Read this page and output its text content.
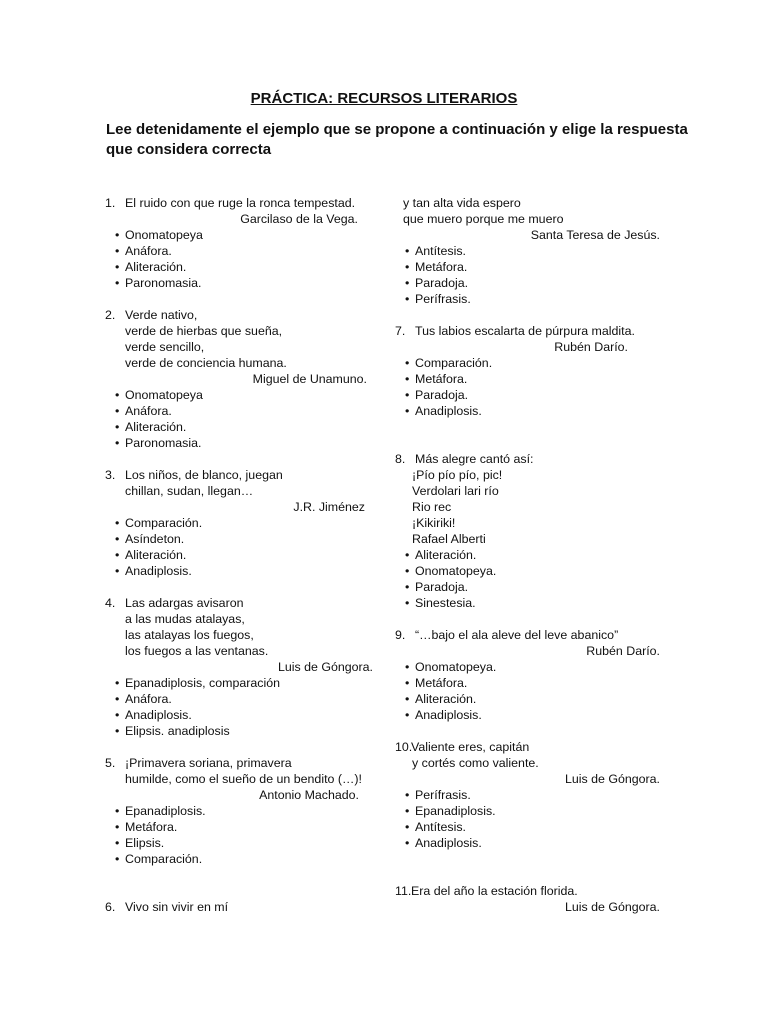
PRÁCTICA: RECURSOS LITERARIOS

Lee detenidamente el ejemplo que se propone a continuación y elige la respuesta que considera correcta

1. El ruido con que ruge la ronca tempestad.
Garcilaso de la Vega.
• Onomatopeya
• Anáfora.
• Aliteración.
• Paronomasia.
2. Verde nativo,
verde de hierbas que sueña,
verde sencillo,
verde de conciencia humana.
Miguel de Unamuno.
• Onomatopeya
• Anáfora.
• Aliteración.
• Paronomasia.
3. Los niños, de blanco, juegan
chillan, sudan, llegan…
J.R. Jiménez
• Comparación.
• Asíndeton.
• Aliteración.
• Anadiplosis.
4. Las adargas avisaron
a las mudas atalayas,
las atalayas los fuegos,
los fuegos a las ventanas.
Luis de Góngora.
• Epanadiplosis, comparación
• Anáfora.
• Anadiplosis.
• Elipsis. anadiplosis
5. ¡Primavera soriana, primavera
humilde, como el sueño de un bendito (…)!
Antonio Machado.
• Epanadiplosis.
• Metáfora.
• Elipsis.
• Comparación.
6. Vivo sin vivir en mí
y tan alta vida espero
que muero porque me muero
Santa Teresa de Jesús.
• Antítesis.
• Metáfora.
• Paradoja.
• Perífrasis.
7. Tus labios escalarta de púrpura maldita.
Rubén Darío.
• Comparación.
• Metáfora.
• Paradoja.
• Anadiplosis.
8. Más alegre cantó así:
¡Pío pío pío, pic!
Verdolari lari río
Rio rec
¡Kikiriki!
Rafael Alberti
• Aliteración.
• Onomatopeya.
• Paradoja.
• Sinestesia.
9. “…bajo el ala aleve del leve abanico”
Rubén Darío.
• Onomatopeya.
• Metáfora.
• Aliteración.
• Anadiplosis.
10.Valiente eres, capitán
y cortés como valiente.
Luis de Góngora.
• Perífrasis.
• Epanadiplosis.
• Antítesis.
• Anadiplosis.
11.Era del año la estación florida.
Luis de Góngora.
